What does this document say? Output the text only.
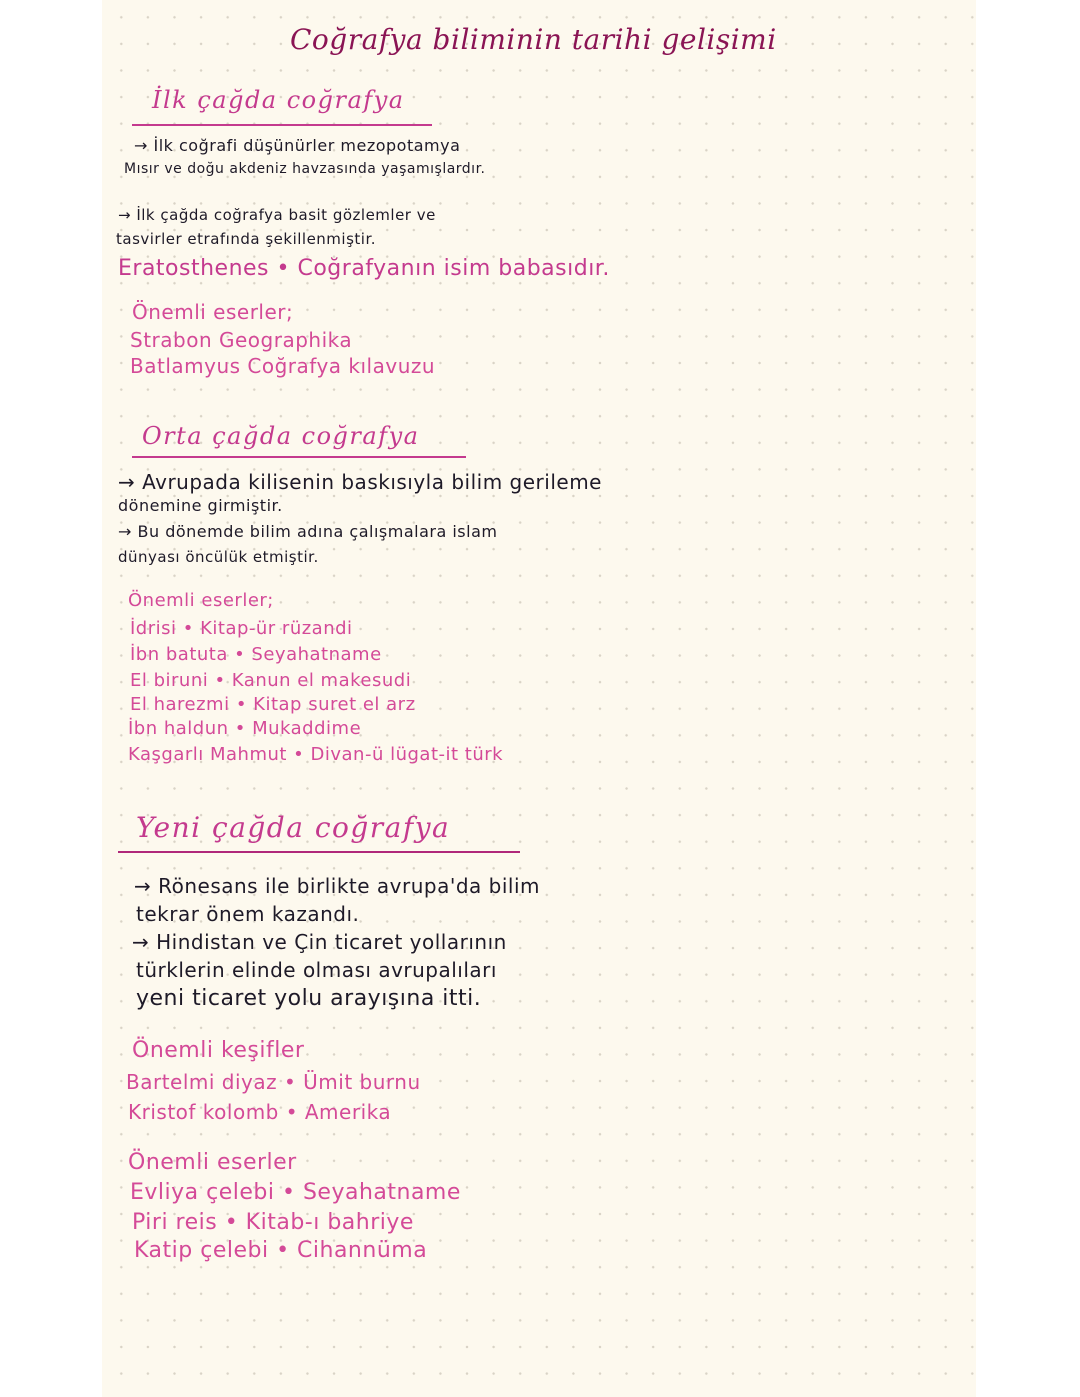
Coğrafya biliminin tarihi gelişimi
İlk çağda coğrafya
→ İlk coğrafi düşünürler mezopotamya
Mısır ve doğu akdeniz havzasında yaşamışlardır.
→ İlk çağda coğrafya basit gözlemler ve
tasvirler etrafında şekillenmiştir.
Eratosthenes • Coğrafyanın isim babasıdır.
Önemli eserler;
Strabon Geographika
Batlamyus Coğrafya kılavuzu
Orta çağda coğrafya
→ Avrupada kilisenin baskısıyla bilim gerileme
dönemine girmiştir.
→ Bu dönemde bilim adına çalışmalara islam
dünyası öncülük etmiştir.
Önemli eserler;
İdrisi • Kitap-ür rüzandi
İbn batuta • Seyahatname
El biruni • Kanun el makesudi
El harezmi • Kitap suret el arz
İbn haldun • Mukaddime
Kaşgarlı Mahmut • Divan-ü lügat-it türk
Yeni çağda coğrafya
→ Rönesans ile birlikte avrupa'da bilim
tekrar önem kazandı.
→ Hindistan ve Çin ticaret yollarının
türklerin elinde olması avrupalıları
yeni ticaret yolu arayışına itti.
Önemli keşifler
Bartelmi diyaz • Ümit burnu
Kristof kolomb • Amerika
Önemli eserler
Evliya çelebi • Seyahatname
Piri reis • Kitab-ı bahriye
Katip çelebi • Cihannüma
